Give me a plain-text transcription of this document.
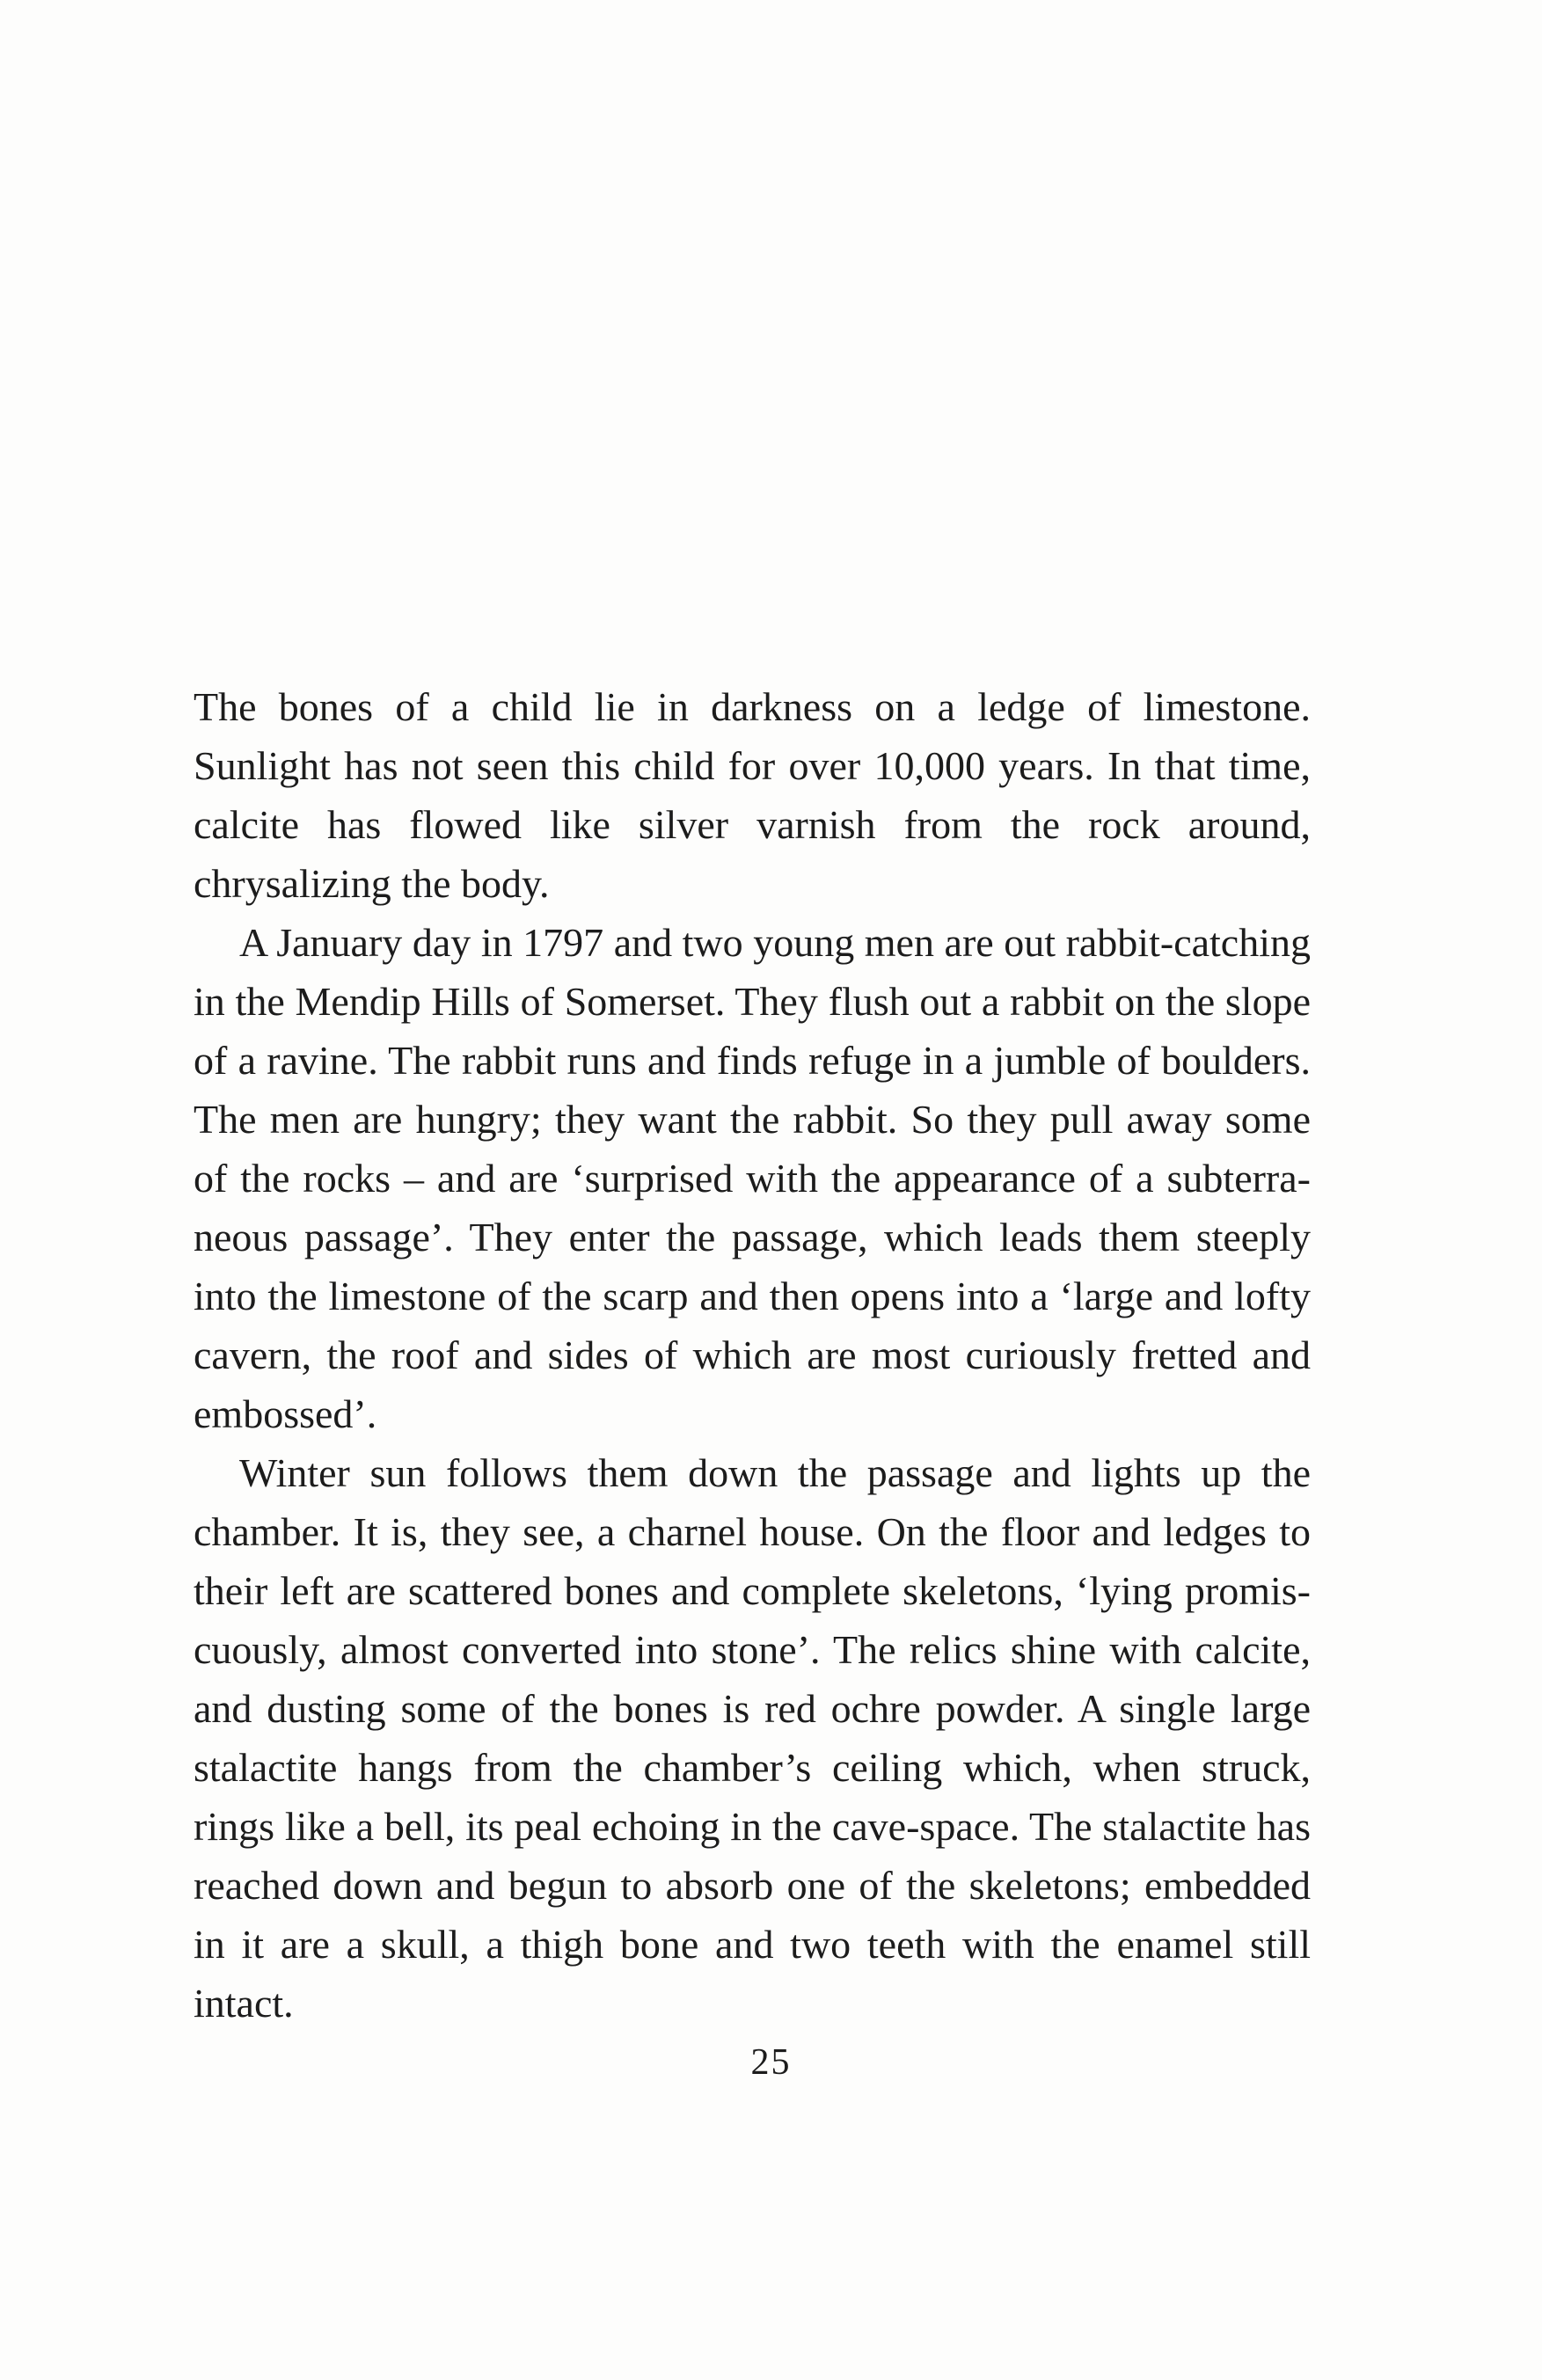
The bones of a child lie in darkness on a ledge of limestone. Sunlight has not seen this child for over 10,000 years. In that time, calcite has flowed like silver varnish from the rock around, chrysalizing the body.

A January day in 1797 and two young men are out rabbit-catching in the Mendip Hills of Somerset. They flush out a rabbit on the slope of a ravine. The rabbit runs and finds refuge in a jumble of boulders. The men are hungry; they want the rabbit. So they pull away some of the rocks – and are ‘surprised with the appearance of a subterraneous passage’. They enter the passage, which leads them steeply into the limestone of the scarp and then opens into a ‘large and lofty cavern, the roof and sides of which are most curiously fretted and embossed’.

Winter sun follows them down the passage and lights up the chamber. It is, they see, a charnel house. On the floor and ledges to their left are scattered bones and complete skeletons, ‘lying promiscuously, almost converted into stone’. The relics shine with calcite, and dusting some of the bones is red ochre powder. A single large stalactite hangs from the chamber’s ceiling which, when struck, rings like a bell, its peal echoing in the cave-space. The stalactite has reached down and begun to absorb one of the skeletons; embedded in it are a skull, a thigh bone and two teeth with the enamel still intact.

25
